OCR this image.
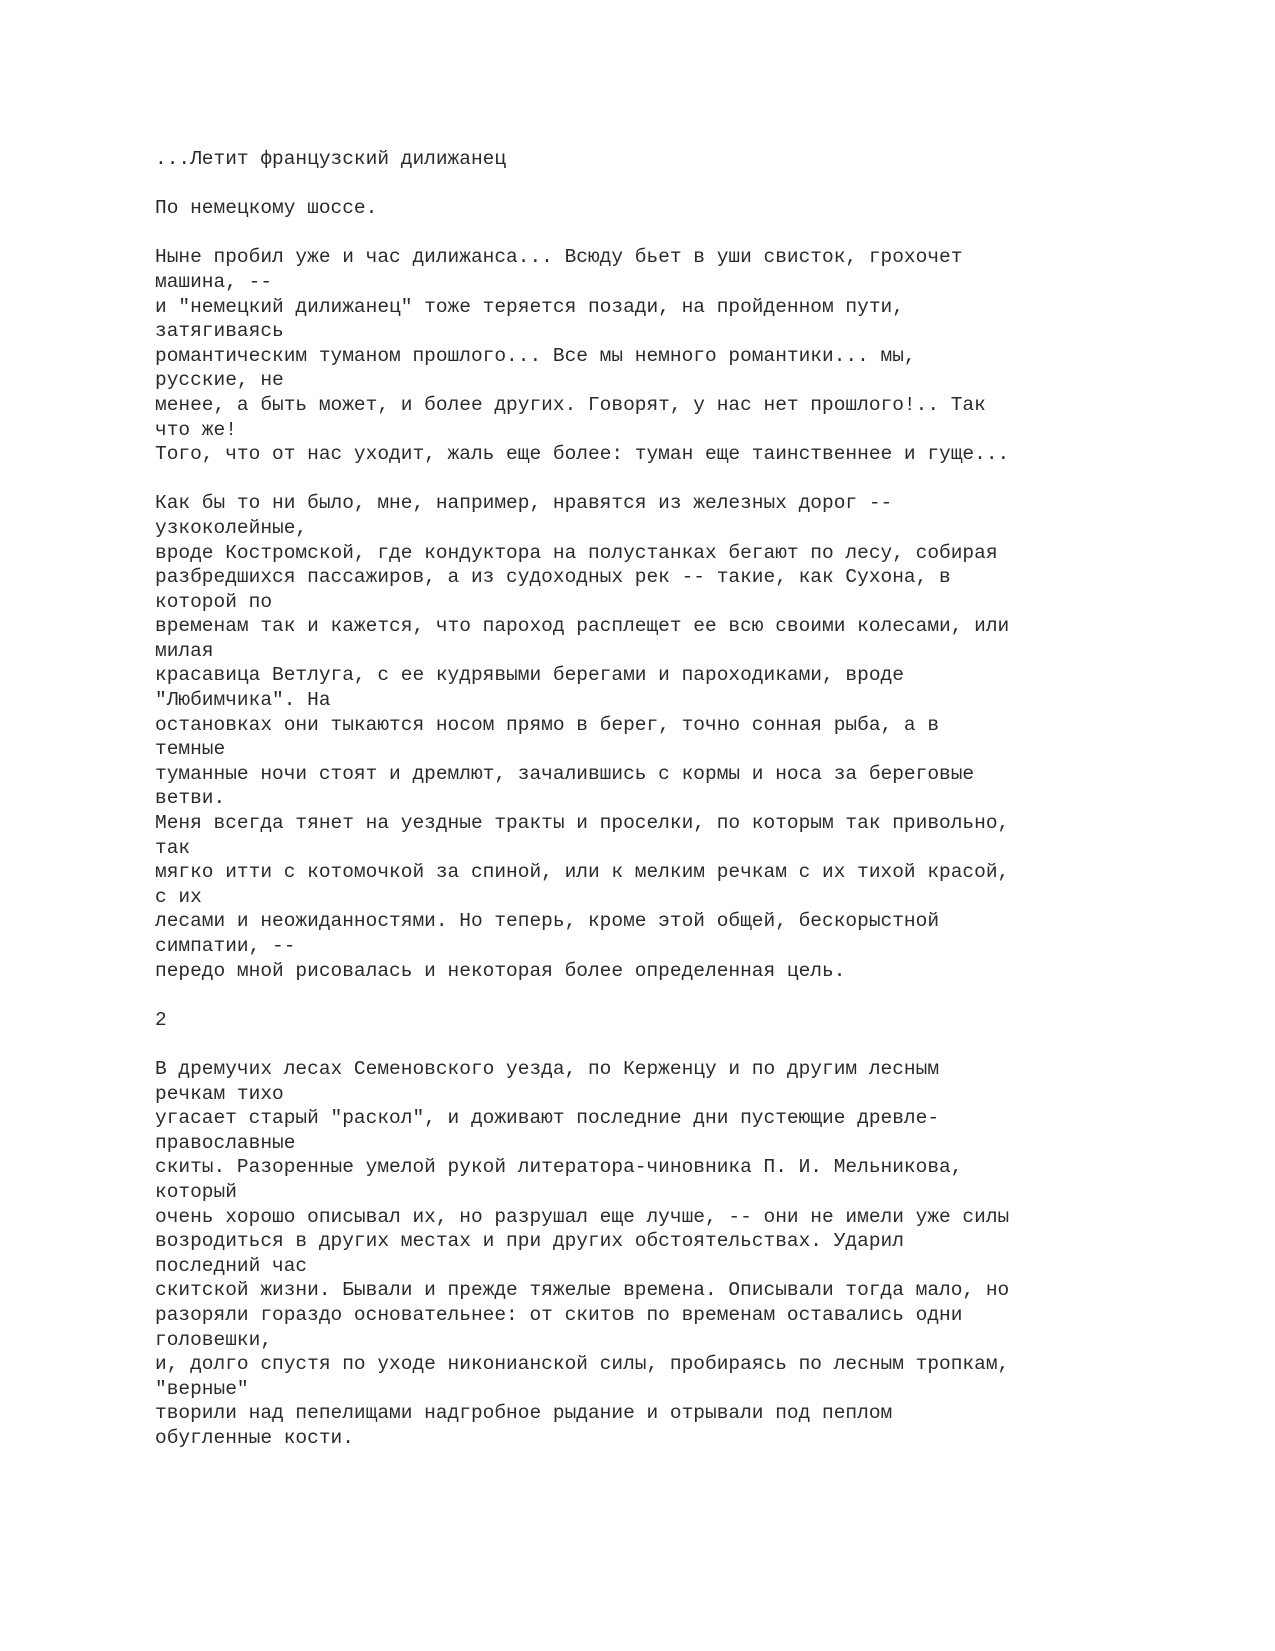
...Летит французский дилижанец
По немецкому шоссе.
Ныне пробил уже и час дилижанса... Всюду бьет в уши свисток, грохочет
машина, --
и "немецкий дилижанец" тоже теряется позади, на пройденном пути,
затягиваясь
романтическим туманом прошлого... Все мы немного романтики... мы,
русские, не
менее, а быть может, и более других. Говорят, у нас нет прошлого!.. Так
что же!
Того, что от нас уходит, жаль еще более: туман еще таинственнее и гуще...
Как бы то ни было, мне, например, нравятся из железных дорог --
узкоколейные,
вроде Костромской, где кондуктора на полустанках бегают по лесу, собирая
разбредшихся пассажиров, а из судоходных рек -- такие, как Сухона, в
которой по
временам так и кажется, что пароход расплещет ее всю своими колесами, или
милая
красавица Ветлуга, с ее кудрявыми берегами и пароходиками, вроде
"Любимчика". На
остановках они тыкаются носом прямо в берег, точно сонная рыба, а в
темные
туманные ночи стоят и дремлют, зачалившись с кормы и носа за береговые
ветви.
Меня всегда тянет на уездные тракты и проселки, по которым так привольно,
так
мягко итти с котомочкой за спиной, или к мелким речкам с их тихой красой,
с их
лесами и неожиданностями. Но теперь, кроме этой общей, бескорыстной
симпатии, --
передо мной рисовалась и некоторая более определенная цель.
2
В дремучих лесах Семеновского уезда, по Керженцу и по другим лесным
речкам тихо
угасает старый "раскол", и доживают последние дни пустеющие древле-
православные
скиты. Разоренные умелой рукой литератора-чиновника П. И. Мельникова,
который
очень хорошо описывал их, но разрушал еще лучше, -- они не имели уже силы
возродиться в других местах и при других обстоятельствах. Ударил
последний час
скитской жизни. Бывали и прежде тяжелые времена. Описывали тогда мало, но
разоряли гораздо основательнее: от скитов по временам оставались одни
головешки,
и, долго спустя по уходе никонианской силы, пробираясь по лесным тропкам,
"верные"
творили над пепелищами надгробное рыдание и отрывали под пеплом
обугленные кости.
